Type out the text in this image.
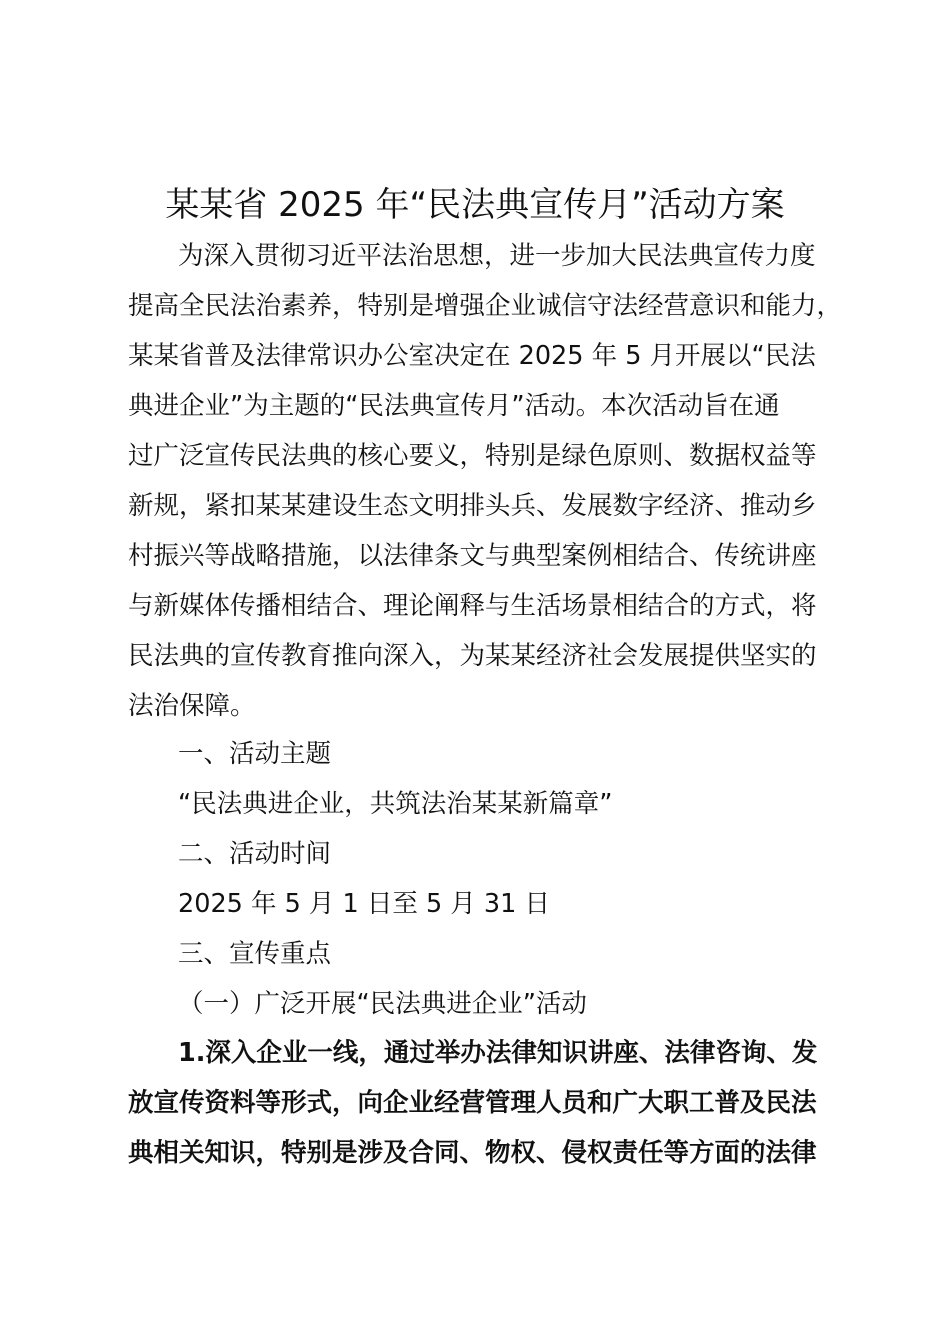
某某省 2025 年“民法典宣传月”活动方案
为深入贯彻习近平法治思想，进一步加大民法典宣传力度
提高全民法治素养，特别是增强企业诚信守法经营意识和能力，
某某省普及法律常识办公室决定在 2025 年 5 月开展以“民法
典进企业”为主题的“民法典宣传月”活动。本次活动旨在通
过广泛宣传民法典的核心要义，特别是绿色原则、数据权益等
新规，紧扣某某建设生态文明排头兵、发展数字经济、推动乡
村振兴等战略措施，以法律条文与典型案例相结合、传统讲座
与新媒体传播相结合、理论阐释与生活场景相结合的方式，将
民法典的宣传教育推向深入，为某某经济社会发展提供坚实的
法治保障。
一、活动主题
“民法典进企业，共筑法治某某新篇章”
二、活动时间
2025 年 5 月 1 日至 5 月 31 日
三、宣传重点
（一）广泛开展“民法典进企业”活动
1.深入企业一线，通过举办法律知识讲座、法律咨询、发
放宣传资料等形式，向企业经营管理人员和广大职工普及民法
典相关知识，特别是涉及合同、物权、侵权责任等方面的法律
